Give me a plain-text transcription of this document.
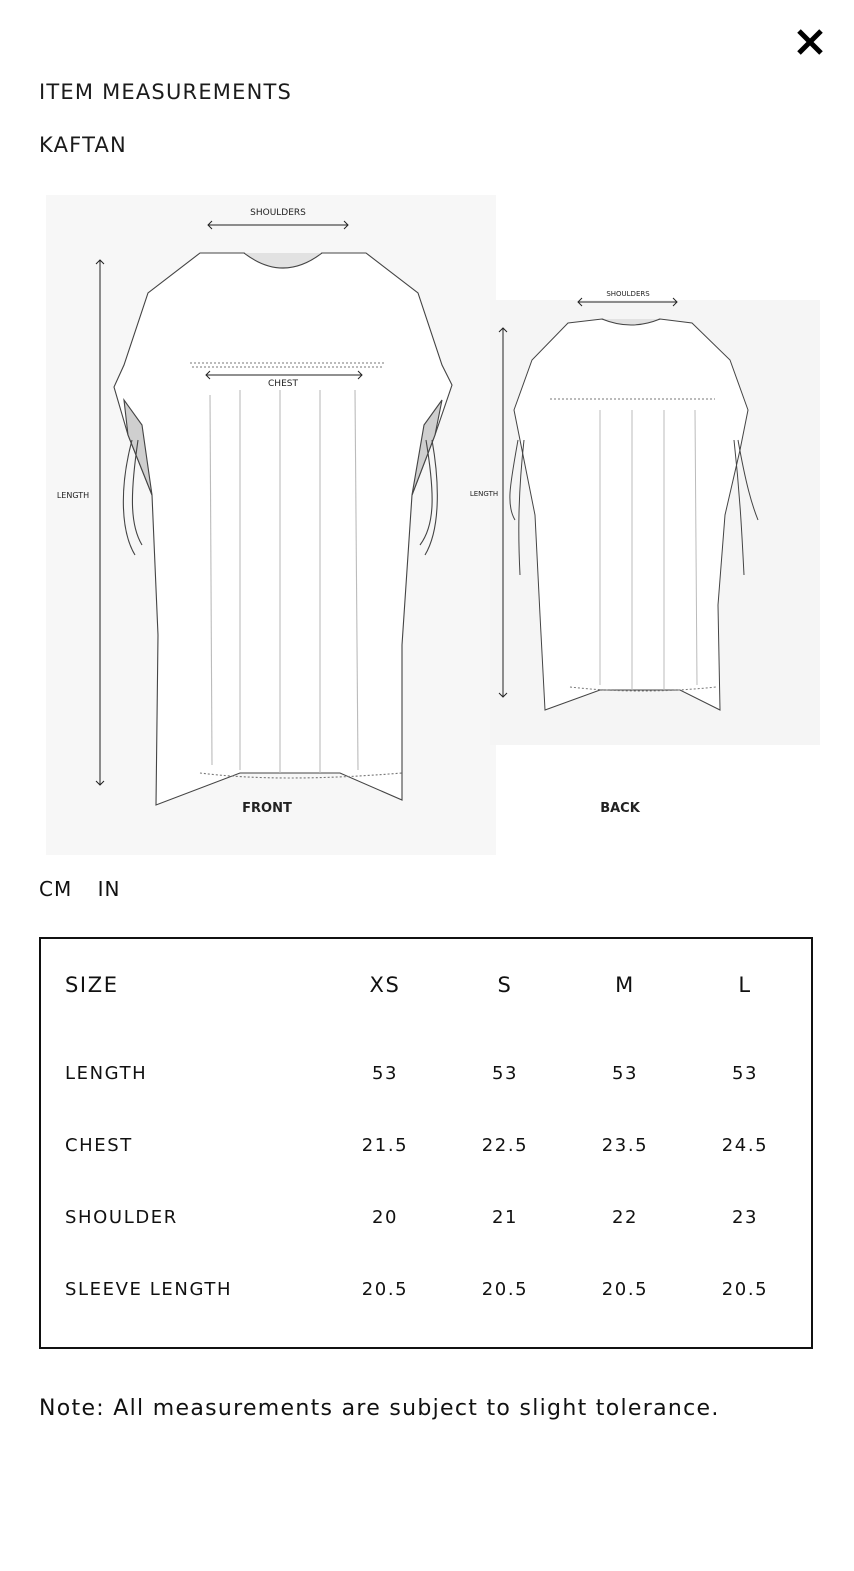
ITEM MEASUREMENTS
KAFTAN
SHOULDERS
CHEST
LENGTH
FRONT
SHOULDERS
LENGTH
BACK
CM IN
SIZE	XS	S	M	L
LENGTH	53	53	53	53
CHEST	21.5	22.5	23.5	24.5
SHOULDER	20	21	22	23
SLEEVE LENGTH	20.5	20.5	20.5	20.5
Note: All measurements are subject to slight tolerance.
